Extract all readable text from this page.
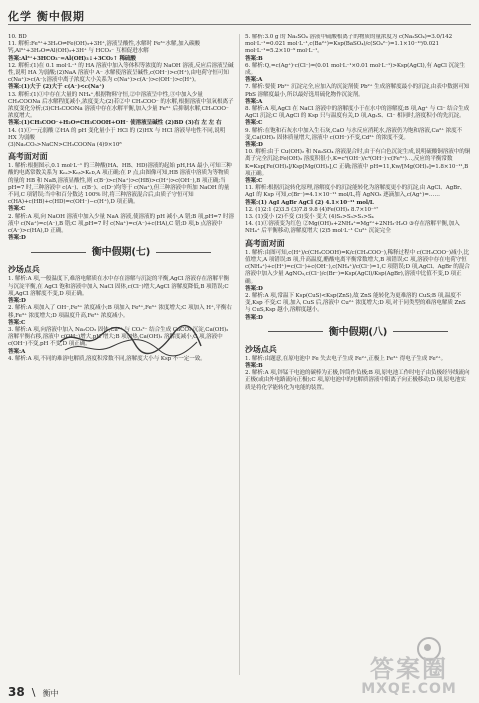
化学 衡中假期

10. BD

11. 解析:Fe³⁺+3H₂O⇌Fe(OH)₃+3H⁺,溶液呈酸性,水解时 Fe³⁺水解,加入碳酸钙,Al³⁺+3H₂O⇌Al(OH)₃+3H⁺ 与 HCO₃⁻ 互相促进水解

答案:Al³⁺+3HCO₃⁻=Al(OH)₃↓+3CO₂↑ 稀硫酸

12. 解析:(1)在 0.1 mol·L⁻¹ 的 HA 溶液中加入等体积等浓度的 NaOH 溶液,反应后溶液呈碱性,说明 HA 为弱酸;(2)NaA 溶液中 A⁻ 水解使溶液呈碱性,c(OH⁻)>c(H⁺),由电荷守恒可知 c(Na⁺)>c(A⁻);溶液中离子浓度大小关系为 c(Na⁺)>c(A⁻)>c(OH⁻)>c(H⁺)。

答案:(1)大于 (2)大于 c(A⁻)<c(Na⁺)

13. 解析:(1)①中存在大量的 NH₄⁺,根据物料守恒,②中溶液呈中性,③中加入少量 CH₃COONa 后水解程度减小,浓度变大;(2)若②中 CH₃COO⁻ 的水解,根据溶液中氢氧根离子浓度变化分析;(3)CH₃COONa 溶液中存在水解平衡,加入少量 Fe³⁺ 后抑制水解,CH₃COO⁻ 浓度增大。

答案:(1)CH₃COO⁻+H₂O⇌CH₃COOH+OH⁻ 使溶液呈碱性 (2)BD (3)右 左 左 右

14. (1)①一元弱酸 ②HA 的 pH 变化量小于 HCl 的 (2)HX 与 HCl 溶液导电性不同,说明 HX 为弱酸

(3)Na₂CO₃>NaCN>CH₃COONa (4)9×10⁸

高考面对面

1. 解析:根据图示,0.1 mol·L⁻¹ 的三种酸(HA、HB、HD)溶液的起始 pH,HA 最小,可知三种酸的电离常数关系为 Kₕₐ>Kₕᵦ>Kₕᴅ,A 项正确;在 P 点,由图像可知,HB 溶液中溶质为等物质的量的 HB 和 NaB,溶液显酸性,则 c(B⁻)>c(Na⁺)>c(HB)>c(H⁺)>c(OH⁻),B 项正确;当 pH=7 时,三种溶液中 c(A⁻)、c(B⁻)、c(D⁻)均等于 c(Na⁺),但三种溶液中所加 NaOH 的量不同,C 项错误;当中和百分数达 100% 时,将三种溶液混合后,由质子守恒可知 c(HA)+c(HB)+c(HD)=c(OH⁻)−c(H⁺),D 项正确。

答案:C

2. 解析:A 项,向 NaOH 溶液中加入少量 NaA 溶液,使溶液的 pH 减小,A 错;B 项,pH=7 时溶液中 c(Na⁺)=c(A⁻),B 错;C 项,pH=7 时 c(Na⁺)=c(A⁻)+c(HA),C 错;D 项,b 点溶液中 c(A⁻)>c(HA),D 正确。

答案:D

衡中假期(七)
沙场点兵

1. 解析:A 项,一般温度下,难溶电解质在水中存在溶解与沉淀的平衡,AgCl 溶液存在溶解平衡与沉淀平衡,在 AgCl 饱和溶液中加入 NaCl 固体,c(Cl⁻)增大,AgCl 溶解度降低,B 项错误;C 项,AgCl 溶解度不变,D 项正确。

答案:D

2. 解析:A 项加入了 OH⁻,Fe³⁺ 浓度减小;B 项加入 Fe³⁺,Fe³⁺ 浓度增大;C 项加入 H⁺,平衡右移,Fe³⁺ 浓度增大;D 项温度升高,Fe³⁺ 浓度减小。

答案:C

3. 解析:A 项,向溶液中加入 Na₂CO₃ 固体,Ca²⁺ 与 CO₃²⁻ 结合生成 CaCO₃ 沉淀,Ca(OH)₂ 溶解平衡右移,溶液中 c(OH⁻)增大,pH 增大;B 项加热,Ca(OH)₂ 溶解度减小,C 项,溶液中 c(OH⁻)不变,pH 不变,D 项正确。

答案:A

4. 解析:A 项,不同的难溶电解质,溶度积常数不同,溶解度大小与 Ksp 不一定一致。

5. 解析:3.0 g 的 Na₂SO₄ 溶液中硫酸根离子的物质的量浓度为 c(Na₂SO₄)=3.0/142 mol·L⁻¹=0.021 mol·L⁻¹,c(Ba²⁺)=Ksp(BaSO₄)/c(SO₄²⁻)=1.1×10⁻¹⁰/0.021 mol·L⁻¹=5.2×10⁻⁹ mol·L⁻¹。

答案:B

6. 解析:Q꜀=c(Ag⁺)·c(Cl⁻)=(0.01 mol·L⁻¹×0.01 mol·L⁻¹)>Ksp(AgCl),有 AgCl 沉淀生成。

答案:A

7. 解析:要使 Pb²⁺ 沉淀完全,应加入的沉淀剂使 Pb²⁺ 生成溶解度最小的沉淀,由表中数据可知 PbS 溶解度最小,所以最好选用硫化物作沉淀剂。

答案:A

8. 解析:A 项,AgCl 在 NaCl 溶液中的溶解度小于在水中的溶解度;B 项,Ag⁺ 与 Cl⁻ 结合生成 AgCl 沉淀;C 项,AgCl 的 Ksp 只与温度有关,D 项,Ag₂S、Cl⁻ 相同时,溶度积小的先沉淀。

答案:C

9. 解析:在饱和石灰水中加入生石灰,CaO 与水反应消耗水,溶液仍为饱和溶液,Ca²⁺ 浓度不变,Ca(OH)₂ 固体质量增大,溶液中 c(OH⁻)不变,Cd²⁺ 的浓度不变。

答案:D

10. 解析:由于 Cu(OH)₂ 和 Na₂SO₄ 溶液混合时,由于有白色沉淀生成,说明硫酸铜溶液中的铜离子完全沉淀;Fe(OH)₃ 溶度积很小,K=c³(OH⁻)/c³(OH⁻)·c(Fe³⁺)…,反应的平衡常数 K=Ksp[Fe(OH)₃]/Ksp[Mg(OH)₂],C 正确;溶液中 pH=11,Kw/[Mg(OH)₂]=1.8×10⁻¹¹,B 项正确。

答案:C

11. 解析:根据沉淀转化原理,溶解度小的沉淀能转化为溶解度更小的沉淀,由 AgCl、AgBr、AgI 的 Ksp 可知,c(Br⁻)=4.1×10⁻¹¹ mol/L,将 AgNO₃ 逐滴加入,c(Ag⁺)=……

答案:(1) AgI AgBr AgCl (2) 4.1×10⁻¹¹ mol/L

12. (1)2:1 (2)3.5 (3)7.8 9.8 (4)Fe(OH)₃ 8.7×10⁻¹⁷

13. (1)变小 (2)不变 (3)变小 变大 (4)S₂>S₃>S₁>S₄

14. (1)①溶液变为红色 ②Mg(OH)₂+2NH₄⁺=Mg²⁺+2NH₃·H₂O ③存在溶解平衡,加入 NH₄⁺ 后平衡移动,溶解度增大 (2)5 mol·L⁻¹ Cu²⁺ 沉淀完全

高考面对面

1. 解析:由图可知,c(H⁺)/c(CH₃COOH)=K/c(CH₃COO⁻),稀释过程中 c(CH₃COO⁻)减小,比值增大,A 项错误;B 项,升高温度,醋酸电离平衡常数增大,B 项错误;C 项,溶液中存在电荷守恒 c(NH₄⁺)+c(H⁺)=c(Cl⁻)+c(OH⁻),c(NH₄⁺)/c(Cl⁻)=1,C 项错误;D 项,AgCl、AgBr 的混合溶液中加入少量 AgNO₃,c(Cl⁻)/c(Br⁻)=Ksp(AgCl)/Ksp(AgBr),溶液中比值不变,D 项正确。

答案:D

2. 解析:A 项,常温下 Ksp(CuS)<Ksp(ZnS),故 ZnS 能转化为更难溶的 CuS;B 项,温度不变,Ksp 不变;C 项,加入 CuS 后,溶液中 Cu²⁺ 浓度增大;D 项,对于同类型的难溶电解质 ZnS 与 CuS,Ksp 越小,溶解度越小。

答案:D

衡中假期(八)
沙场点兵

1. 解析:由题意,在原电池中 Fe 失去电子生成 Fe²⁺,正极上 Fe³⁺ 得电子生成 Fe²⁺。

答案:B

2. 解析:A 项,锌锰干电池的碳棒为正极,锌筒作负极;B 项,原电池工作时电子由负极经导线流向正极(或由外电路流向正极);C 项,原电池中的电解质溶液中阳离子向正极移动;D 项,原电池实质是将化学能转化为电能的装置。

38 \ 衡中
答案圈
MXQE.COM
